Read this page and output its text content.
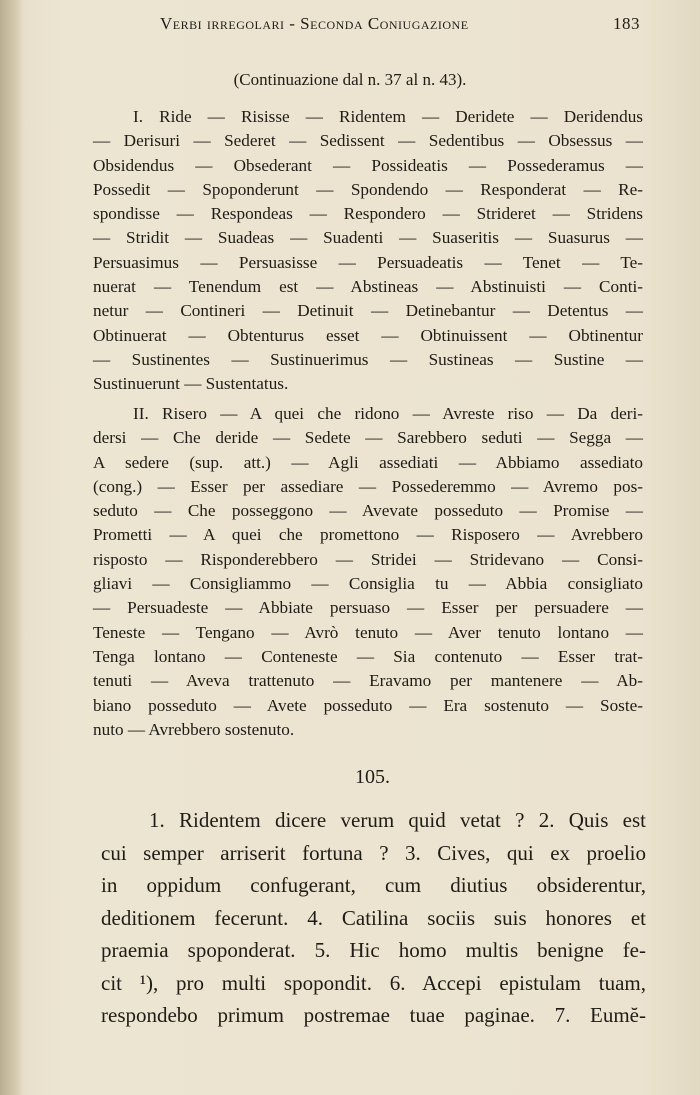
Verbi irregolari - Seconda Coniugazione	183
(Continuazione dal n. 37 al n. 43).
I. Ride — Risisse — Ridentem — Deridete — Deridendus
— Derisuri — Sederet — Sedissent — Sedentibus — Obsessus —
Obsidendus — Obsederant — Possideatis — Possederamus —
Possedit — Spoponderunt — Spondendo — Responderat — Re-
spondisse — Respondeas — Respondero — Strideret — Stridens
— Stridit — Suadeas — Suadenti — Suaseritis — Suasurus —
Persuasimus — Persuasisse — Persuadeatis — Tenet — Te-
nuerat — Tenendum est — Abstineas — Abstinuisti — Conti-
netur — Contineri — Detinuit — Detinebantur — Detentus —
Obtinuerat — Obtenturus esset — Obtinuissent — Obtinentur
— Sustinentes — Sustinuerimus — Sustineas — Sustine —
Sustinuerunt — Sustentatus.
II. Risero — A quei che ridono — Avreste riso — Da deri-
dersi — Che deride — Sedete — Sarebbero seduti — Segga —
A sedere (sup. att.) — Agli assediati — Abbiamo assediato
(cong.) — Esser per assediare — Possederemmo — Avremo pos-
seduto — Che posseggono — Avevate posseduto — Promise —
Prometti — A quei che promettono — Risposero — Avrebbero
risposto — Risponderebbero — Stridei — Stridevano — Consi-
gliavi — Consigliammo — Consiglia tu — Abbia consigliato
— Persuadeste — Abbiate persuaso — Esser per persuadere —
Teneste — Tengano — Avrò tenuto — Aver tenuto lontano —
Tenga lontano — Conteneste — Sia contenuto — Esser trat-
tenuti — Aveva trattenuto — Eravamo per mantenere — Ab-
biano posseduto — Avete posseduto — Era sostenuto — Soste-
nuto — Avrebbero sostenuto.
105.
1. Ridentem dicere verum quid vetat ? 2. Quis est
cui semper arriserit fortuna ? 3. Cives, qui ex proelio
in oppidum confugerant, cum diutius obsiderentur,
deditionem fecerunt. 4. Catilina sociis suis honores et
praemia spoponderat. 5. Hic homo multis benigne fe-
cit ¹), pro multi spopondit. 6. Accepi epistulam tuam,
respondebo primum postremae tuae paginae. 7. Eumĕ-
